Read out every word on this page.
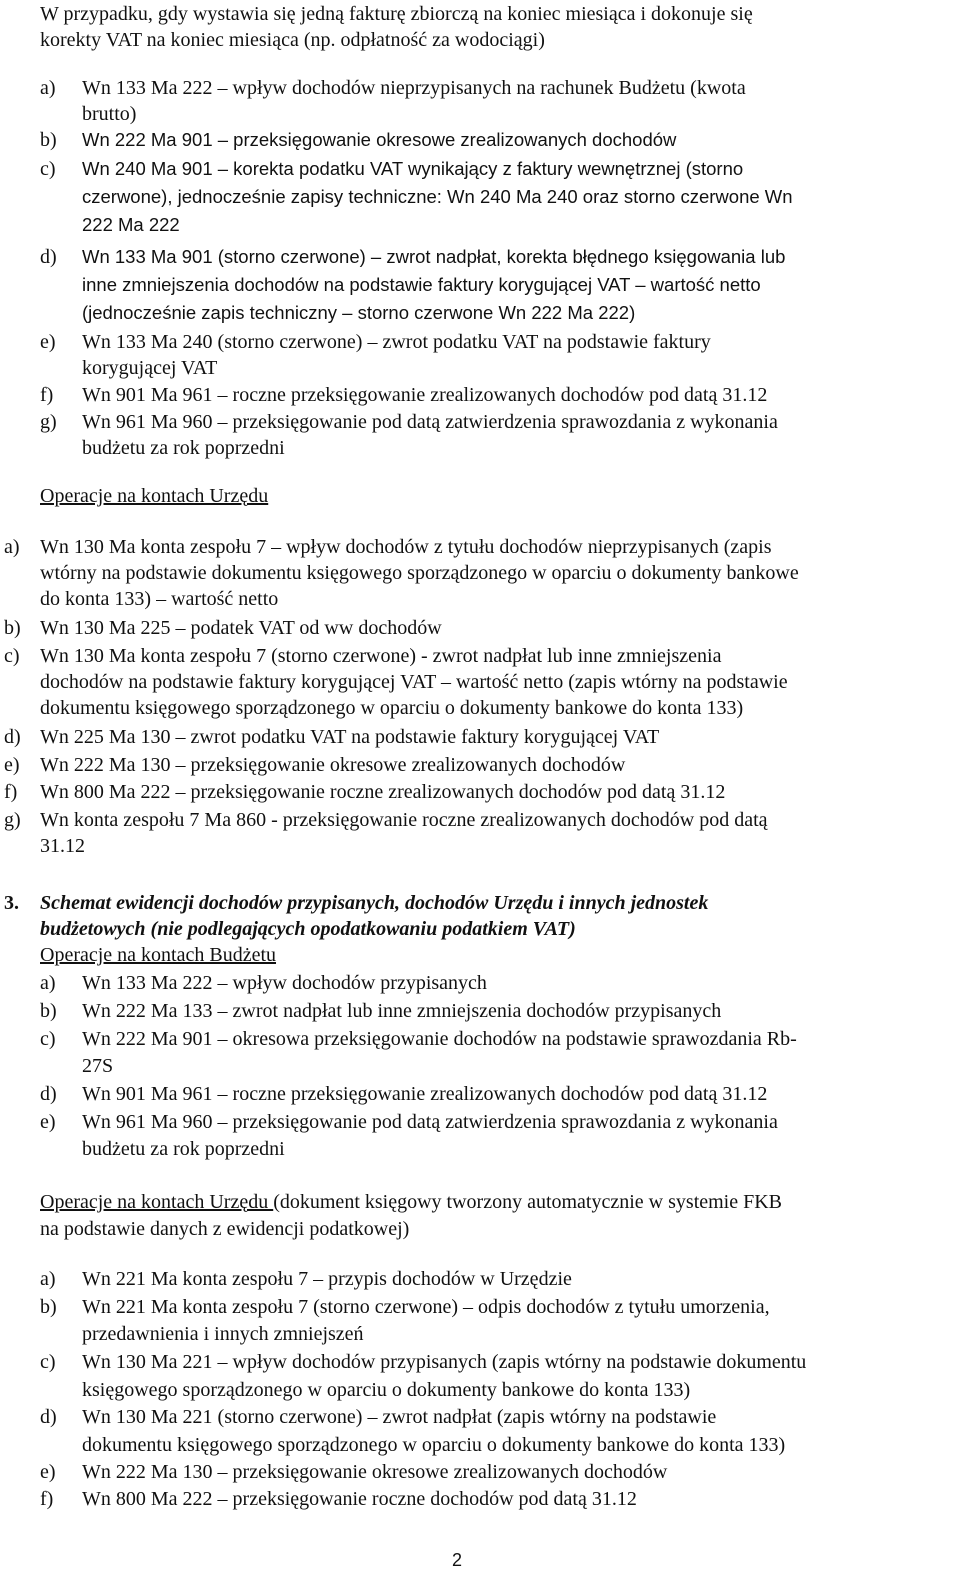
W przypadku, gdy wystawia się jedną fakturę zbiorczą na koniec miesiąca i dokonuje się
korekty VAT na koniec miesiąca (np. odpłatność za wodociągi)
a) Wn 133 Ma 222 – wpływ dochodów nieprzypisanych na rachunek Budżetu (kwota
brutto)
b) Wn 222 Ma 901 – przeksięgowanie okresowe zrealizowanych dochodów
c) Wn 240 Ma 901 – korekta podatku VAT wynikający z faktury wewnętrznej (storno
czerwone), jednocześnie zapisy techniczne: Wn 240 Ma 240 oraz storno czerwone Wn
222 Ma 222
d) Wn 133 Ma 901 (storno czerwone) – zwrot nadpłat, korekta błędnego księgowania lub
inne zmniejszenia dochodów na podstawie faktury korygującej VAT – wartość netto
(jednocześnie zapis techniczny – storno czerwone Wn 222 Ma 222)
e) Wn 133 Ma 240 (storno czerwone) – zwrot podatku VAT na podstawie faktury
korygującej VAT
f) Wn 901 Ma 961 – roczne przeksięgowanie zrealizowanych dochodów pod datą 31.12
g) Wn 961 Ma 960 – przeksięgowanie pod datą zatwierdzenia sprawozdania z wykonania
budżetu za rok poprzedni
Operacje na kontach Urzędu
a) Wn 130 Ma konta zespołu 7 – wpływ dochodów z tytułu dochodów nieprzypisanych (zapis
wtórny na podstawie dokumentu księgowego sporządzonego w oparciu o dokumenty bankowe
do konta 133) – wartość netto
b) Wn 130 Ma 225 – podatek VAT od ww dochodów
c) Wn 130 Ma konta zespołu 7 (storno czerwone) - zwrot nadpłat lub inne zmniejszenia
dochodów na podstawie faktury korygującej VAT – wartość netto (zapis wtórny na podstawie
dokumentu księgowego sporządzonego w oparciu o dokumenty bankowe do konta 133)
d) Wn 225 Ma 130 – zwrot podatku VAT na podstawie faktury korygującej VAT
e) Wn 222 Ma 130 – przeksięgowanie okresowe zrealizowanych dochodów
f) Wn 800 Ma 222 – przeksięgowanie roczne zrealizowanych dochodów pod datą 31.12
g) Wn konta zespołu 7 Ma 860 - przeksięgowanie roczne zrealizowanych dochodów pod datą
31.12
3. Schemat ewidencji dochodów przypisanych, dochodów Urzędu i innych jednostek
budżetowych (nie podlegających opodatkowaniu podatkiem VAT)
Operacje na kontach Budżetu
a) Wn 133 Ma 222 – wpływ dochodów przypisanych
b) Wn 222 Ma 133 – zwrot nadpłat lub inne zmniejszenia dochodów przypisanych
c) Wn 222 Ma 901 – okresowa przeksięgowanie dochodów na podstawie sprawozdania Rb-
27S
d) Wn 901 Ma 961 – roczne przeksięgowanie zrealizowanych dochodów pod datą 31.12
e) Wn 961 Ma 960 – przeksięgowanie pod datą zatwierdzenia sprawozdania z wykonania
budżetu za rok poprzedni
Operacje na kontach Urzędu (dokument księgowy tworzony automatycznie w systemie FKB
na podstawie danych z ewidencji podatkowej)
a) Wn 221 Ma konta zespołu 7 – przypis dochodów w Urzędzie
b) Wn 221 Ma konta zespołu 7 (storno czerwone) – odpis dochodów z tytułu umorzenia,
przedawnienia i innych zmniejszeń
c) Wn 130 Ma 221 – wpływ dochodów przypisanych (zapis wtórny na podstawie dokumentu
księgowego sporządzonego w oparciu o dokumenty bankowe do konta 133)
d) Wn 130 Ma 221 (storno czerwone) – zwrot nadpłat (zapis wtórny na podstawie
dokumentu księgowego sporządzonego w oparciu o dokumenty bankowe do konta 133)
e) Wn 222 Ma 130 – przeksięgowanie okresowe zrealizowanych dochodów
f) Wn 800 Ma 222 – przeksięgowanie roczne dochodów pod datą 31.12
2
